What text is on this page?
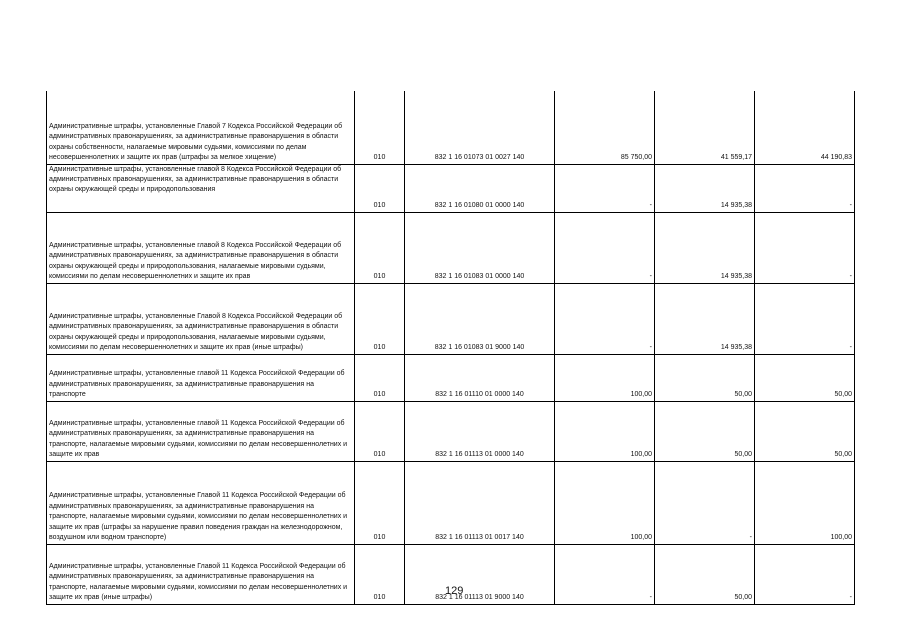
Административные штрафы, установленные Главой 7 Кодекса Российской Федерации об административных правонарушениях, за административные правонарушения в области охраны собственности, налагаемые мировыми судьями, комиссиями по делам несовершеннолетних и защите их прав (штрафы за мелкое хищение)	010	832 1 16 01073 01 0027 140	85 750,00	41 559,17	44 190,83

Административные штрафы, установленные главой 8 Кодекса Российской Федерации об административных правонарушениях, за административные правонарушения в области охраны окружающей среды и природопользования	010	832 1 16 01080 01 0000 140	-	14 935,38	-

Административные штрафы, установленные главой 8 Кодекса Российской Федерации об административных правонарушениях, за административные правонарушения в области охраны окружающей среды и природопользования, налагаемые мировыми судьями, комиссиями по делам несовершеннолетних и защите их прав	010	832 1 16 01083 01 0000 140	-	14 935,38	-

Административные штрафы, установленные Главой 8 Кодекса Российской Федерации об административных правонарушениях, за административные правонарушения в области охраны окружающей среды и природопользования, налагаемые мировыми судьями, комиссиями по делам несовершеннолетних и защите их прав (иные штрафы)	010	832 1 16 01083 01 9000 140	-	14 935,38	-

Административные штрафы, установленные главой 11 Кодекса Российской Федерации об административных правонарушениях, за административные правонарушения на транспорте	010	832 1 16 01110 01 0000 140	100,00	50,00	50,00

Административные штрафы, установленные главой 11 Кодекса Российской Федерации об административных правонарушениях, за административные правонарушения на транспорте, налагаемые мировыми судьями, комиссиями по делам несовершеннолетних и защите их прав	010	832 1 16 01113 01 0000 140	100,00	50,00	50,00

Административные штрафы, установленные Главой 11 Кодекса Российской Федерации об административных правонарушениях, за административные правонарушения на транспорте, налагаемые мировыми судьями, комиссиями по делам несовершеннолетних и защите их прав (штрафы за нарушение правил поведения граждан на железнодорожном, воздушном или водном транспорте)	010	832 1 16 01113 01 0017 140	100,00	-	100,00

Административные штрафы, установленные Главой 11 Кодекса Российской Федерации об административных правонарушениях, за административные правонарушения на транспорте, налагаемые мировыми судьями, комиссиями по делам несовершеннолетних и защите их прав (иные штрафы)	010	832 1 16 01113 01 9000 140	-	50,00	-
129
